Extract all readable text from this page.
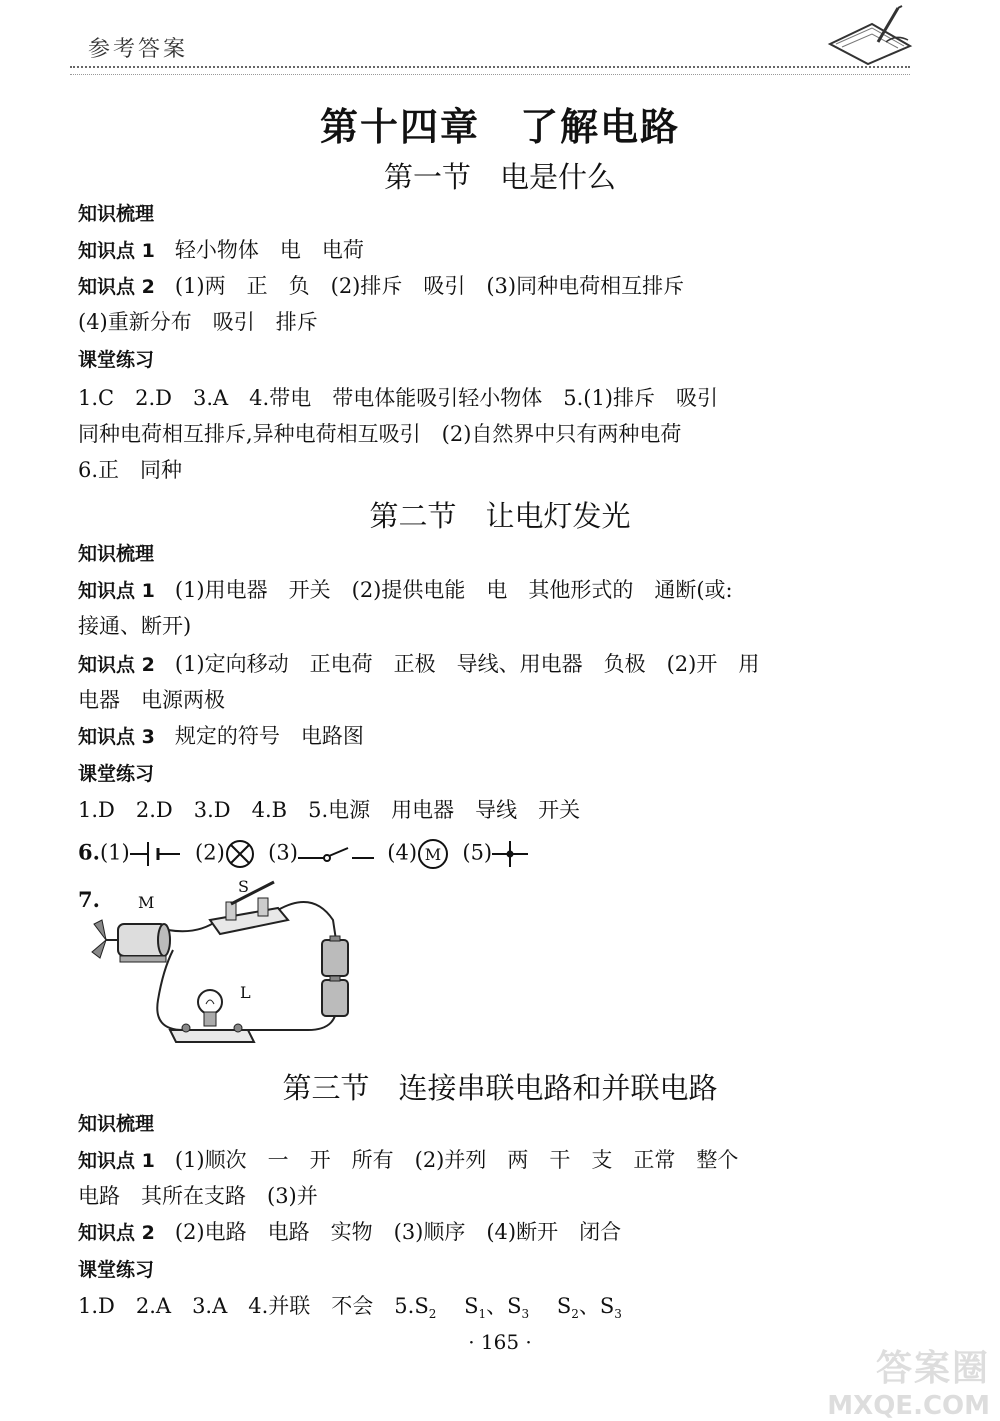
参考答案
第十四章　了解电路
第一节　电是什么
知识梳理
知识点 1 轻小物体　电　电荷
知识点 2 (1)两　正　负　(2)排斥　吸引　(3)同种电荷相互排斥
(4)重新分布　吸引　排斥
课堂练习
1.C　2.D　3.A　4.带电　带电体能吸引轻小物体　5.(1)排斥　吸引
同种电荷相互排斥,异种电荷相互吸引　(2)自然界中只有两种电荷
6.正　同种
第二节　让电灯发光
知识梳理
知识点 1 (1)用电器　开关　(2)提供电能　电　其他形式的　通断(或:
接通、断开)
知识点 2 (1)定向移动　正电荷　正极　导线、用电器　负极　(2)开　用
电器　电源两极
知识点 3 规定的符号　电路图
课堂练习
1.D　2.D　3.D　4.B　5.电源　用电器　导线　开关
6.(1)	(2) (3)	(4) M (5)
7. M
S
L
第三节　连接串联电路和并联电路
知识梳理
知识点 1 (1)顺次　一　开　所有　(2)并列　两　干　支　正常　整个
电路　其所在支路　(3)并
知识点 2 (2)电路　电路　实物　(3)顺序　(4)断开　闭合
课堂练习
1.D　2.A　3.A　4.并联　不会　$5.S_2$　 $S_1$、$S_3$　 $S_2$、$S_3$
· 165 ·
答案圈
MXQE.COM
